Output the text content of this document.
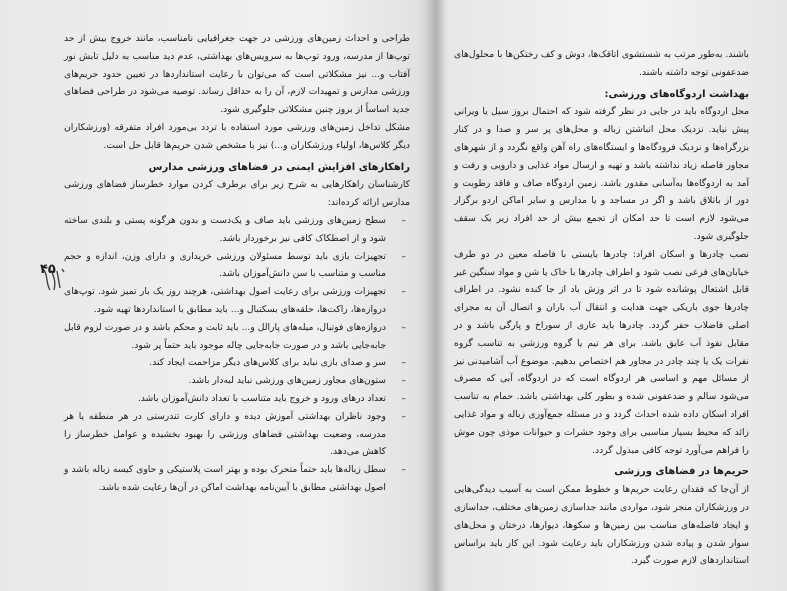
طراحی و احداث زمین‌های ورزشی در جهت جغرافیایی نامناسب، مانند خروج بیش از حد توپ‌ها از مدرسه، ورود توپ‌ها به سرویس‌های بهداشتی، عدم دید مناسب به دلیل تابش نور آفتاب و... نیز مشکلاتی است که می‌توان با رعایت استانداردها در تعیین حدود حریم‌های ورزشی مدارس و تمهیدات لازم، آن را به حداقل رساند. توصیه می‌شود در طراحی فضاهای جدید اساساً از بروز چنین مشکلاتی جلوگیری شود.

مشکل تداخل زمین‌های ورزشی مورد استفاده با تردد بی‌مورد افراد متفرقه (ورزشکاران دیگر کلاس‌ها، اولیاء ورزشکاران و...) نیز با مشخص شدن حریم‌ها قابل حل است.

راهکارهای افزایش ایمنی در فضاهای ورزشی مدارس

کارشناسان راهکارهایی به شرح زیر برای برطرف کردن موارد خطرساز فضاهای ورزشی مدارس ارائه کرده‌اند:

–
سطح زمین‌های ورزشی باید صاف و یک‌دست و بدون هرگونه پستی و بلندی ساخته شود و از اصطکاک کافی نیز برخوردار باشد.
–
تجهیزات بازی باید توسط مسئولان ورزشی خریداری و دارای وزن، اندازه و حجم مناسب و متناسب با سن دانش‌آموزان باشد.
–
تجهیزات ورزشی برای رعایت اصول بهداشتی، هرچند روز یک بار تمیز شود. توپ‌های دروازه‌ها، راکت‌ها، حلقه‌های بسکتبال و... باید مطابق با استانداردها تهیه شود.
–
دروازه‌های فوتبال، میله‌های پارالل و... باید ثابت و محکم باشد و در صورت لزوم قابل جابه‌جایی باشد و در صورت جابه‌جایی چاله موجود باید حتماً پر شود.
–
سر و صدای بازی نباید برای کلاس‌های دیگر مزاحمت ایجاد کند.
–
ستون‌های مجاور زمین‌های ورزشی نباید لبه‌دار باشد.
–
تعداد درهای ورود و خروج باید متناسب با تعداد دانش‌آموزان باشد.
–
وجود ناظران بهداشتی آموزش دیده و دارای کارت تندرستی در هر منطقه یا هر مدرسه، وضعیت بهداشتی فضاهای ورزشی را بهبود بخشیده و عوامل خطرساز را کاهش می‌دهد.
–
سطل زباله‌ها باید حتماً متحرک بوده و بهتر است پلاستیکی و حاوی کیسه زباله باشد و اصول بهداشتی مطابق با آیین‌نامه بهداشت اماکن در آن‌ها رعایت شده باشد.
۴۵

باشند. به‌طور مرتب به شستشوی اتاقک‌ها، دوش و کف رختکن‌ها با محلول‌های ضدعفونی توجه داشته باشند.

بهداشت اردوگاه‌های ورزشی:

محل اردوگاه باید در جایی در نظر گرفته شود که احتمال بروز سیل یا ویرانی پیش نیاید. نزدیک محل انباشتن زباله و محل‌های پر سر و صدا و در کنار بزرگراه‌ها و نزدیک فرودگاه‌ها و ایستگاه‌های راه آهن واقع نگردد و از شهرهای مجاور فاصله زیاد نداشته باشد و تهیه و ارسال مواد غذایی و دارویی و رفت و آمد به اردوگاه‌ها به‌آسانی مقدور باشد. زمین اردوگاه صاف و فاقد رطوبت و دور از باتلاق باشد و اگر در مساجد و یا مدارس و سایر اماکن اردو برگزار می‌شود لازم است تا حد امکان از تجمع بیش از حد افراد زیر یک سقف جلوگیری شود.

نصب چادرها و اسکان افراد: چادرها بایستی با فاصله معین در دو طرف خیابان‌های فرعی نصب شود و اطراف چادرها با خاک یا شن و مواد سنگین غیر قابل اشتعال پوشانده شود تا در اثر وزش باد از جا کنده نشود. در اطراف چادرها جوی باریکی جهت هدایت و انتقال آب باران و اتصال آن به مجرای اصلی فاضلاب حفر گردد. چادرها باید عاری از سوراخ و پارگی باشد و در مقابل نفوذ آب عایق باشد. برای هر تیم یا گروه ورزشی به تناسب گروه نفرات یک یا چند چادر در مجاور هم اختصاص بدهیم. موضوع آب آشامیدنی نیز از مسائل مهم و اساسی هر اردوگاه است که در اردوگاه، آبی که مصرف می‌شود سالم و ضدعفونی شده و بطور کلی بهداشتی باشد. حمام به تناسب افراد اسکان داده شده احداث گردد و در مسئله جمع‌آوری زباله و مواد غذایی زائد که محیط بسیار مناسبی برای وجود حشرات و حیوانات موذی چون موش را فراهم می‌آورد توجه کافی مبذول گردد.

حریم‌ها در فضاهای ورزشی

از آن‌جا که فقدان رعایت حریم‌ها و خطوط ممکن است به آسیب دیدگی‌هایی در ورزشکاران منجر شود، مواردی مانند جداسازی زمین‌های مختلف، جداسازی و ایجاد فاصله‌های مناسب بین زمین‌ها و سکوها، دیوارها، درختان و محل‌های سوار شدن و پیاده شدن ورزشکاران باید رعایت شود. این کار باید براساس استانداردهای لازم صورت گیرد.
